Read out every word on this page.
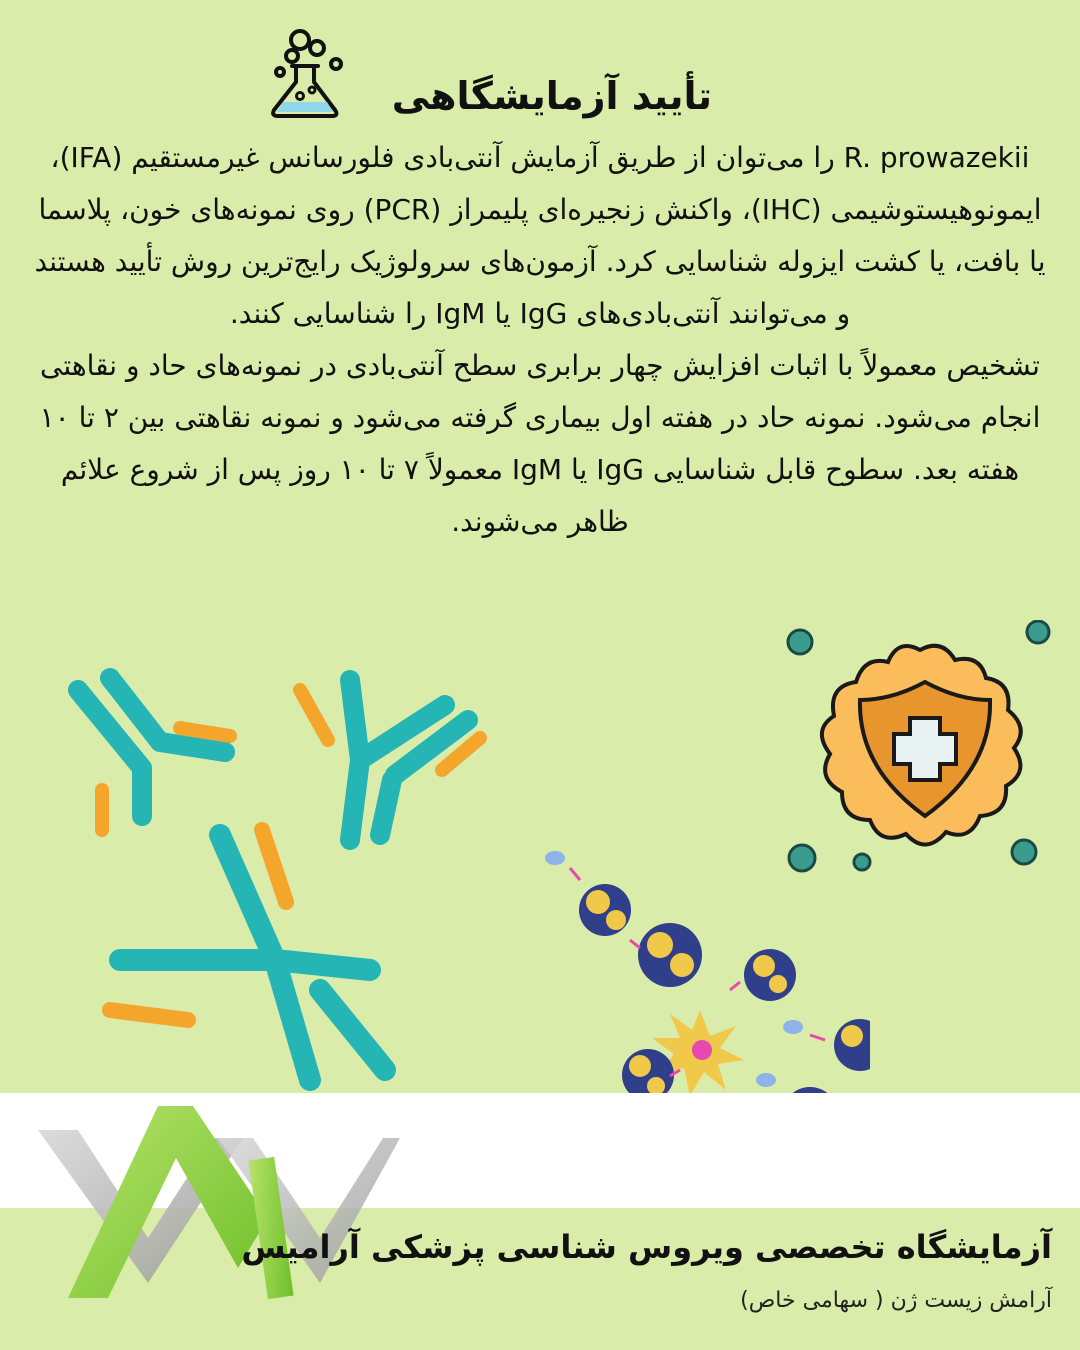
تأیید آزمایشگاهی

R. prowazekii را می‌توان از طریق آزمایش آنتی‌بادی فلورسانس غیرمستقیم (IFA)، ایمونوهیستوشیمی (IHC)، واکنش زنجیره‌ای پلیمراز (PCR) روی نمونه‌های خون، پلاسما یا بافت، یا کشت ایزوله شناسایی کرد. آزمون‌های سرولوژیک رایج‌ترین روش تأیید هستند و می‌توانند آنتی‌بادی‌های IgG یا IgM را شناسایی کنند.

تشخیص معمولاً با اثبات افزایش چهار برابری سطح آنتی‌بادی در نمونه‌های حاد و نقاهتی انجام می‌شود. نمونه حاد در هفته اول بیماری گرفته می‌شود و نمونه نقاهتی بین ۲ تا ۱۰ هفته بعد. سطوح قابل شناسایی IgG یا IgM معمولاً ۷ تا ۱۰ روز پس از شروع علائم ظاهر می‌شوند.

آزمایشگاه تخصصی ویروس شناسی پزشکی آرامیس
آرامش زیست ژن ( سهامی خاص)
